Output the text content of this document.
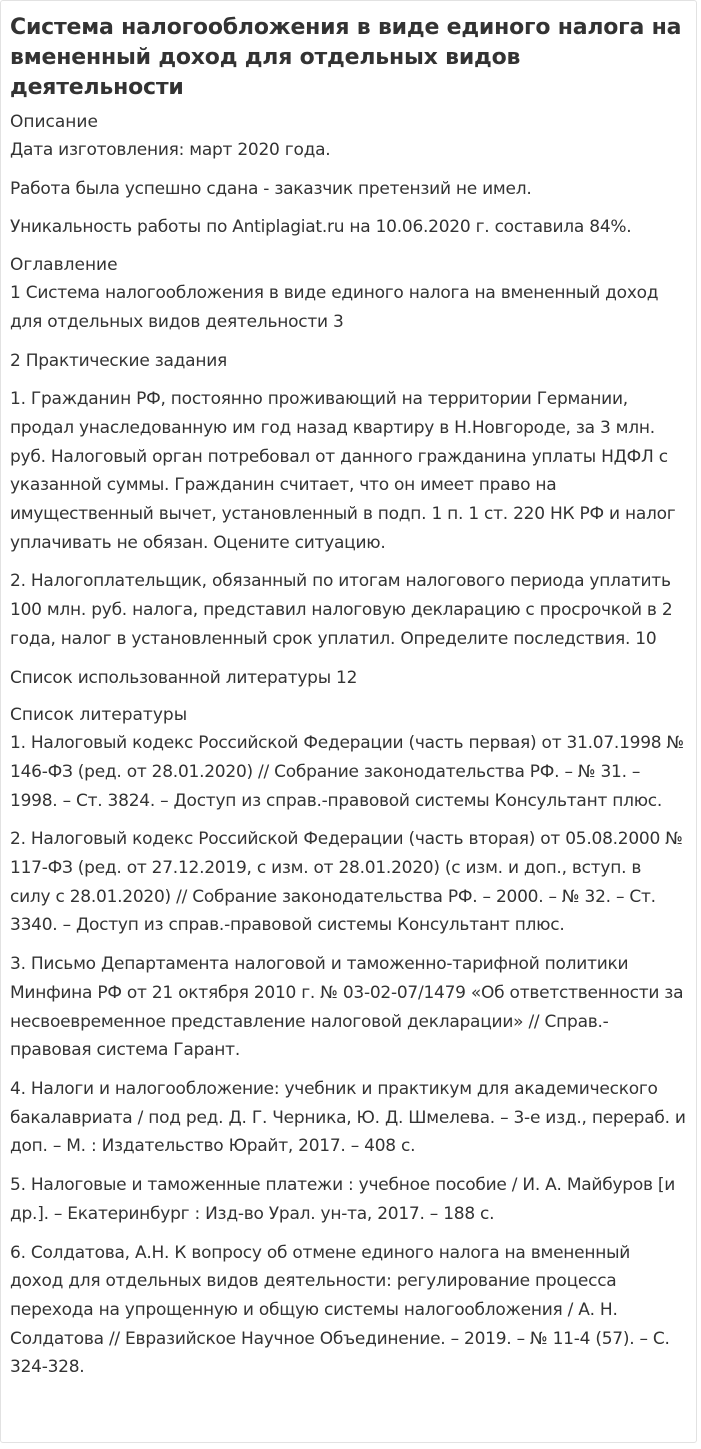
Система налогообложения в виде единого налога на вмененный доход для отдельных видов деятельности
Описание

Дата изготовления: март 2020 года.

Работа была успешно сдана - заказчик претензий не имел.

Уникальность работы по Antiplagiat.ru на 10.06.2020 г. составила 84%.

Оглавление

1 Система налогообложения в виде единого налога на вмененный доход для отдельных видов деятельности 3

2 Практические задания

1. Гражданин РФ, постоянно проживающий на территории Германии, продал унаследованную им год назад квартиру в Н.Новгороде, за 3 млн. руб. Налоговый орган потребовал от данного гражданина уплаты НДФЛ с указанной суммы. Гражданин считает, что он имеет право на имущественный вычет, установленный в подп. 1 п. 1 ст. 220 НК РФ и налог уплачивать не обязан. Оцените ситуацию.

2. Налогоплательщик, обязанный по итогам налогового периода уплатить 100 млн. руб. налога, представил налоговую декларацию с просрочкой в 2 года, налог в установленный срок уплатил. Определите последствия. 10

Список использованной литературы 12

Список литературы

1. Налоговый кодекс Российской Федерации (часть первая) от 31.07.1998 № 146-ФЗ (ред. от 28.01.2020) // Собрание законодательства РФ. – № 31. – 1998. – Ст. 3824. – Доступ из справ.-правовой системы Консультант плюс.

2. Налоговый кодекс Российской Федерации (часть вторая) от 05.08.2000 № 117-ФЗ (ред. от 27.12.2019, с изм. от 28.01.2020) (с изм. и доп., вступ. в силу с 28.01.2020) // Собрание законодательства РФ. – 2000. – № 32. – Ст. 3340. – Доступ из справ.-правовой системы Консультант плюс.

3. Письмо Департамента налоговой и таможенно-тарифной политики Минфина РФ от 21 октября 2010 г. № 03-02-07/1479 «Об ответственности за несвоевременное представление налоговой декларации» // Справ.-правовая система Гарант.

4. Налоги и налогообложение: учебник и практикум для академического бакалавриата / под ред. Д. Г. Черника, Ю. Д. Шмелева. – 3-е изд., перераб. и доп. – М. : Издательство Юрайт, 2017. – 408 с.

5. Налоговые и таможенные платежи : учебное пособие / И. А. Майбуров [и др.]. – Екатеринбург : Изд-во Урал. ун-та, 2017. – 188 с.

6. Солдатова, А.Н. К вопросу об отмене единого налога на вмененный доход для отдельных видов деятельности: регулирование процесса перехода на упрощенную и общую системы налогообложения / А. Н. Солдатова // Евразийское Научное Объединение. – 2019. – № 11-4 (57). – С. 324-328.
